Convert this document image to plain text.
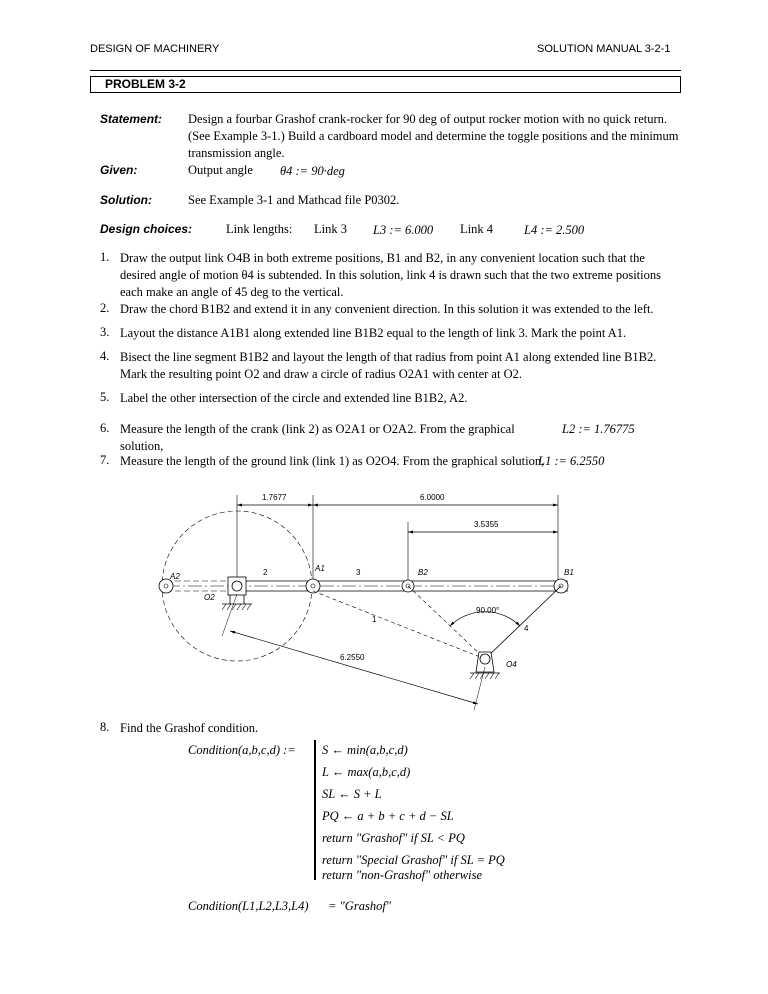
DESIGN OF MACHINERY	SOLUTION MANUAL 3-2-1
PROBLEM 3-2
Statement: Design a fourbar Grashof crank-rocker for 90 deg of output rocker motion with no quick return. (See Example 3-1.) Build a cardboard model and determine the toggle positions and the minimum transmission angle.
Given:	Output angle θ4 := 90·deg
Solution:	See Example 3-1 and Mathcad file P0302.
Design choices:	Link lengths: Link 3 L3 := 6.000 Link 4 L4 := 2.500
1. Draw the output link O4B in both extreme positions, B1 and B2, in any convenient location such that the desired angle of motion θ4 is subtended. In this solution, link 4 is drawn such that the two extreme positions each make an angle of 45 deg to the vertical.
2. Draw the chord B1B2 and extend it in any convenient direction. In this solution it was extended to the left.
3. Layout the distance A1B1 along extended line B1B2 equal to the length of link 3. Mark the point A1.
4. Bisect the line segment B1B2 and layout the length of that radius from point A1 along extended line B1B2. Mark the resulting point O2 and draw a circle of radius O2A1 with center at O2.
5. Label the other intersection of the circle and extended line B1B2, A2.
6. Measure the length of the crank (link 2) as O2A1 or O2A2. From the graphical solution,
L2 := 1.76775
7. Measure the length of the ground link (link 1) as O2O4. From the graphical solution,
L1 := 6.2550
1.7677	6.0000
3.5355
6.2550
90.00°
A2
A1	B2	B1
O2
O4
2	3
1
4
8. Find the Grashof condition.
Condition(a,b,c,d) := S ← min(a,b,c,d)
L ← max(a,b,c,d)
SL ← S + L
PQ ← a + b + c + d − SL
return "Grashof" if SL < PQ
return "Special Grashof" if SL = PQ
return "non-Grashof" otherwise
Condition(L1,L2,L3,L4) = "Grashof"
